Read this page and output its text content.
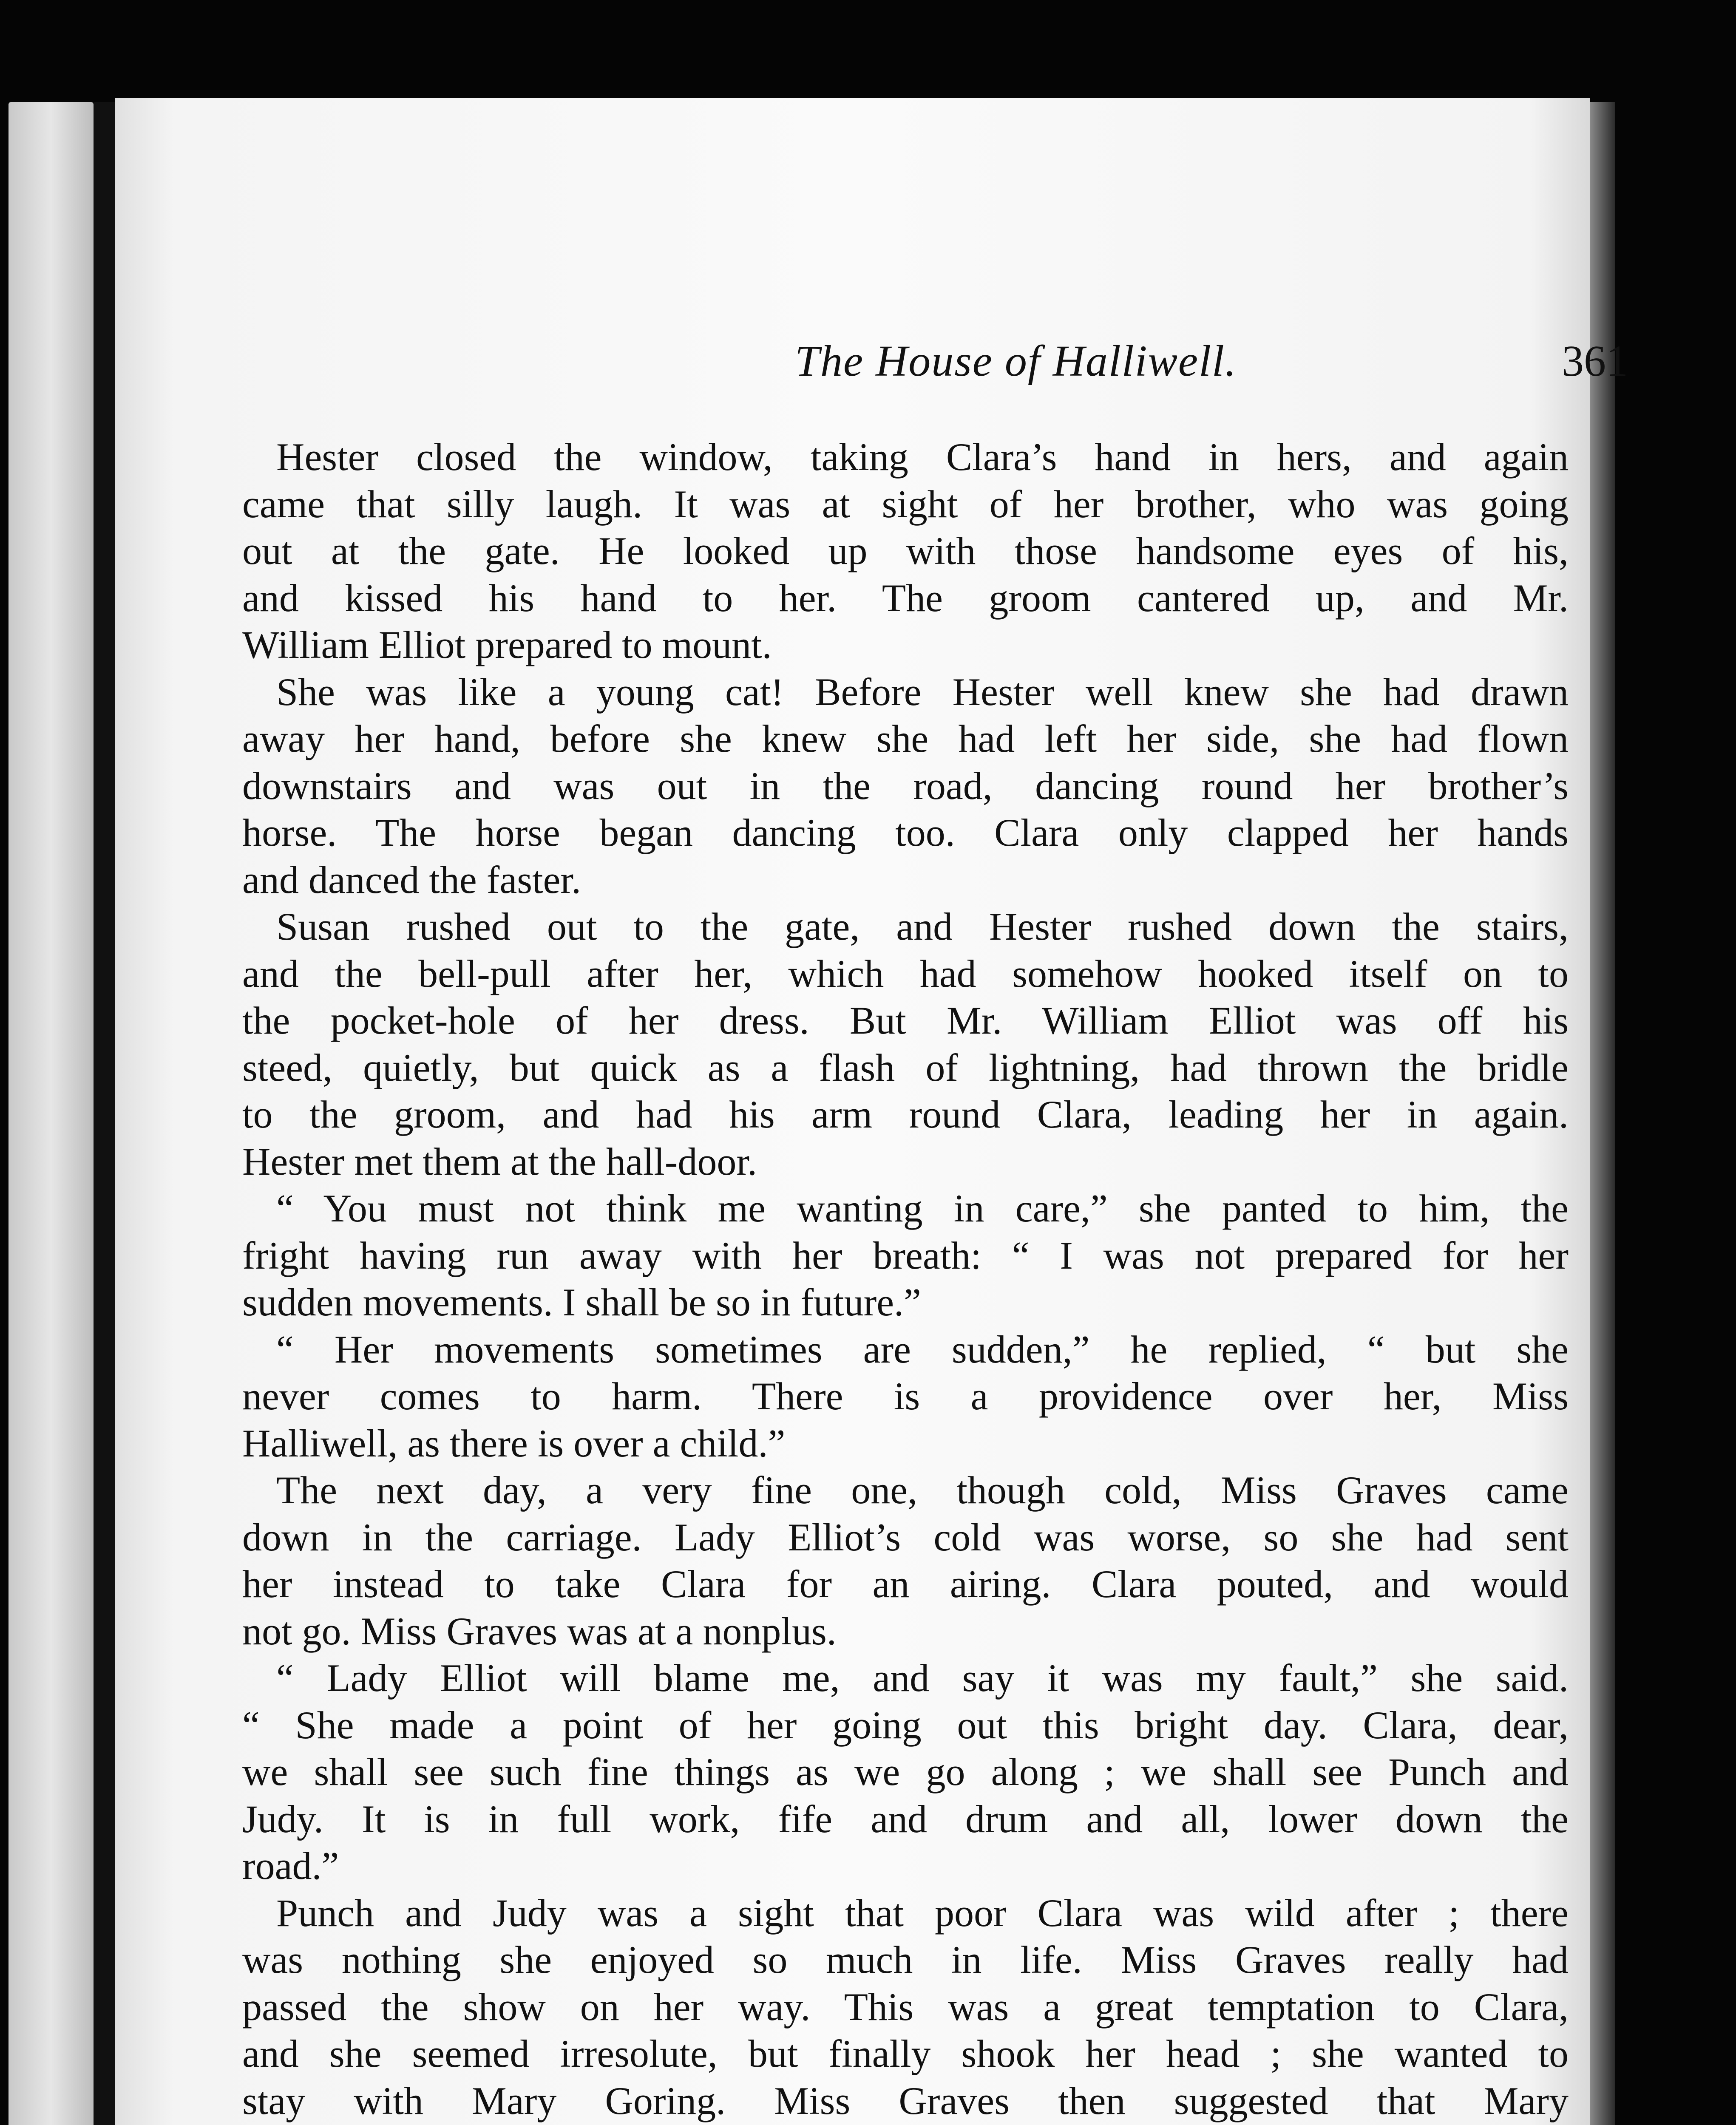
The House of Halliwell.	361
Hester closed the window, taking Clara’s hand in hers, and again
came that silly laugh. It was at sight of her brother, who was going
out at the gate. He looked up with those handsome eyes of his,
and kissed his hand to her. The groom cantered up, and Mr.
William Elliot prepared to mount.
She was like a young cat! Before Hester well knew she had drawn
away her hand, before she knew she had left her side, she had flown
downstairs and was out in the road, dancing round her brother’s
horse. The horse began dancing too. Clara only clapped her hands
and danced the faster.
Susan rushed out to the gate, and Hester rushed down the stairs,
and the bell-pull after her, which had somehow hooked itself on to
the pocket-hole of her dress. But Mr. William Elliot was off his
steed, quietly, but quick as a flash of lightning, had thrown the bridle
to the groom, and had his arm round Clara, leading her in again.
Hester met them at the hall-door.
“ You must not think me wanting in care,” she panted to him, the
fright having run away with her breath: “ I was not prepared for her
sudden movements. I shall be so in future.”
“ Her movements sometimes are sudden,” he replied, “ but she
never comes to harm. There is a providence over her, Miss
Halliwell, as there is over a child.”
The next day, a very fine one, though cold, Miss Graves came
down in the carriage. Lady Elliot’s cold was worse, so she had sent
her instead to take Clara for an airing. Clara pouted, and would
not go. Miss Graves was at a nonplus.
“ Lady Elliot will blame me, and say it was my fault,” she said.
“ She made a point of her going out this bright day. Clara, dear,
we shall see such fine things as we go along ; we shall see Punch and
Judy. It is in full work, fife and drum and all, lower down the
road.”
Punch and Judy was a sight that poor Clara was wild after ; there
was nothing she enjoyed so much in life. Miss Graves really had
passed the show on her way. This was a great temptation to Clara,
and she seemed irresolute, but finally shook her head ; she wanted to
stay with Mary Goring. Miss Graves then suggested that Mary
